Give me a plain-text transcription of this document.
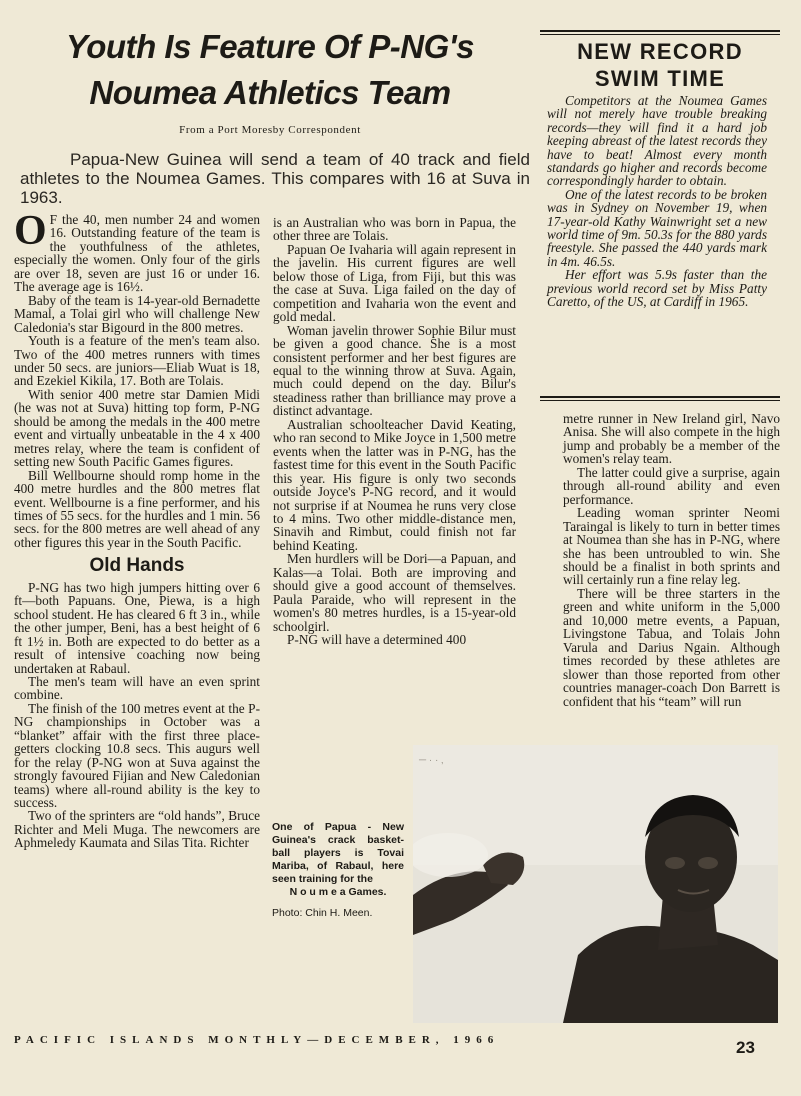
Youth Is Feature Of P-NG's
Noumea Athletics Team
From a Port Moresby Correspondent
Papua-New Guinea will send a team of 40 track and field athletes to the Noumea Games. This compares with 16 at Suva in 1963.

O F the 40, men number 24 and women 16. Outstanding feature of the team is the youthfulness of the athletes, especially the women. Only four of the girls are over 18, seven are just 16 or under 16. The average age is 16½.

Baby of the team is 14-year-old Bernadette Mamal, a Tolai girl who will challenge New Caledonia's star Bigourd in the 800 metres.

Youth is a feature of the men's team also. Two of the 400 metres runners with times under 50 secs. are juniors—Eliab Wuat is 18, and Ezekiel Kikila, 17. Both are Tolais.

With senior 400 metre star Damien Midi (he was not at Suva) hitting top form, P-NG should be among the medals in the 400 metre event and virtually unbeatable in the 4 x 400 metres relay, where the team is confident of setting new South Pacific Games figures.

Bill Wellbourne should romp home in the 400 metre hurdles and the 800 metres flat event. Wellbourne is a fine performer, and his times of 55 secs. for the hurdles and 1 min. 56 secs. for the 800 metres are well ahead of any other figures this year in the South Pacific.

Old Hands

P-NG has two high jumpers hitting over 6 ft—both Papuans. One, Piewa, is a high school student. He has cleared 6 ft 3 in., while the other jumper, Beni, has a best height of 6 ft 1½ in. Both are expected to do better as a result of intensive coaching now being undertaken at Rabaul.

The men's team will have an even sprint combine.

The finish of the 100 metres event at the P-NG championships in October was a “blanket” affair with the first three place-getters clocking 10.8 secs. This augurs well for the relay (P-NG won at Suva against the strongly favoured Fijian and New Caledonian teams) where all-round ability is the key to success.

Two of the sprinters are “old hands”, Bruce Richter and Meli Muga. The newcomers are Aphmeledy Kaumata and Silas Tita. Richter

is an Australian who was born in Papua, the other three are Tolais.

Papuan Oe Ivaharia will again represent in the javelin. His current figures are well below those of Liga, from Fiji, but this was the case at Suva. Liga failed on the day of competition and Ivaharia won the event and gold medal.

Woman javelin thrower Sophie Bilur must be given a good chance. She is a most consistent performer and her best figures are equal to the winning throw at Suva. Again, much could depend on the day. Bilur's steadiness rather than brilliance may prove a distinct advantage.

Australian schoolteacher David Keating, who ran second to Mike Joyce in 1,500 metre events when the latter was in P-NG, has the fastest time for this event in the South Pacific this year. His figure is only two seconds outside Joyce's P-NG record, and it would not surprise if at Noumea he runs very close to 4 mins. Two other middle-distance men, Sinavih and Rimbut, could finish not far behind Keating.

Men hurdlers will be Dori—a Papuan, and Kalas—a Tolai. Both are improving and should give a good account of themselves. Paula Paraide, who will represent in the women's 80 metres hurdles, is a 15-year-old schoolgirl.

P-NG will have a determined 400

NEW RECORD
SWIM TIME

Competitors at the Noumea Games will not merely have trouble breaking records—they will find it a hard job keeping abreast of the latest records they have to beat! Almost every month standards go higher and records become correspondingly harder to obtain.

One of the latest records to be broken was in Sydney on November 19, when 17-year-old Kathy Wainwright set a new world time of 9m. 50.3s for the 880 yards freestyle. She passed the 440 yards mark in 4m. 46.5s.

Her effort was 5.9s faster than the previous world record set by Miss Patty Caretto, of the US, at Cardiff in 1965.

metre runner in New Ireland girl, Navo Anisa. She will also compete in the high jump and probably be a member of the women's relay team.

The latter could give a surprise, again through all-round ability and even performance.

Leading woman sprinter Neomi Taraingal is likely to turn in better times at Noumea than she has in P-NG, where she has been untroubled to win. She should be a finalist in both sprints and will certainly run a fine relay leg.

There will be three starters in the green and white uniform in the 5,000 and 10,000 metre events, a Papuan, Livingstone Tabua, and Tolais John Varula and Darius Ngain. Although times recorded by these athletes are slower than those reported from other countries manager-coach Don Barrett is confident that his “team” will run

─ · · ‚
One of Papua - New Guinea's crack basket-ball players is Tovai Mariba, of Rabaul, here seen training for the
N o u m e a Games.
Photo: Chin H. Meen.
PACIFIC ISLANDS MONTHLY—DECEMBER, 1966	23
